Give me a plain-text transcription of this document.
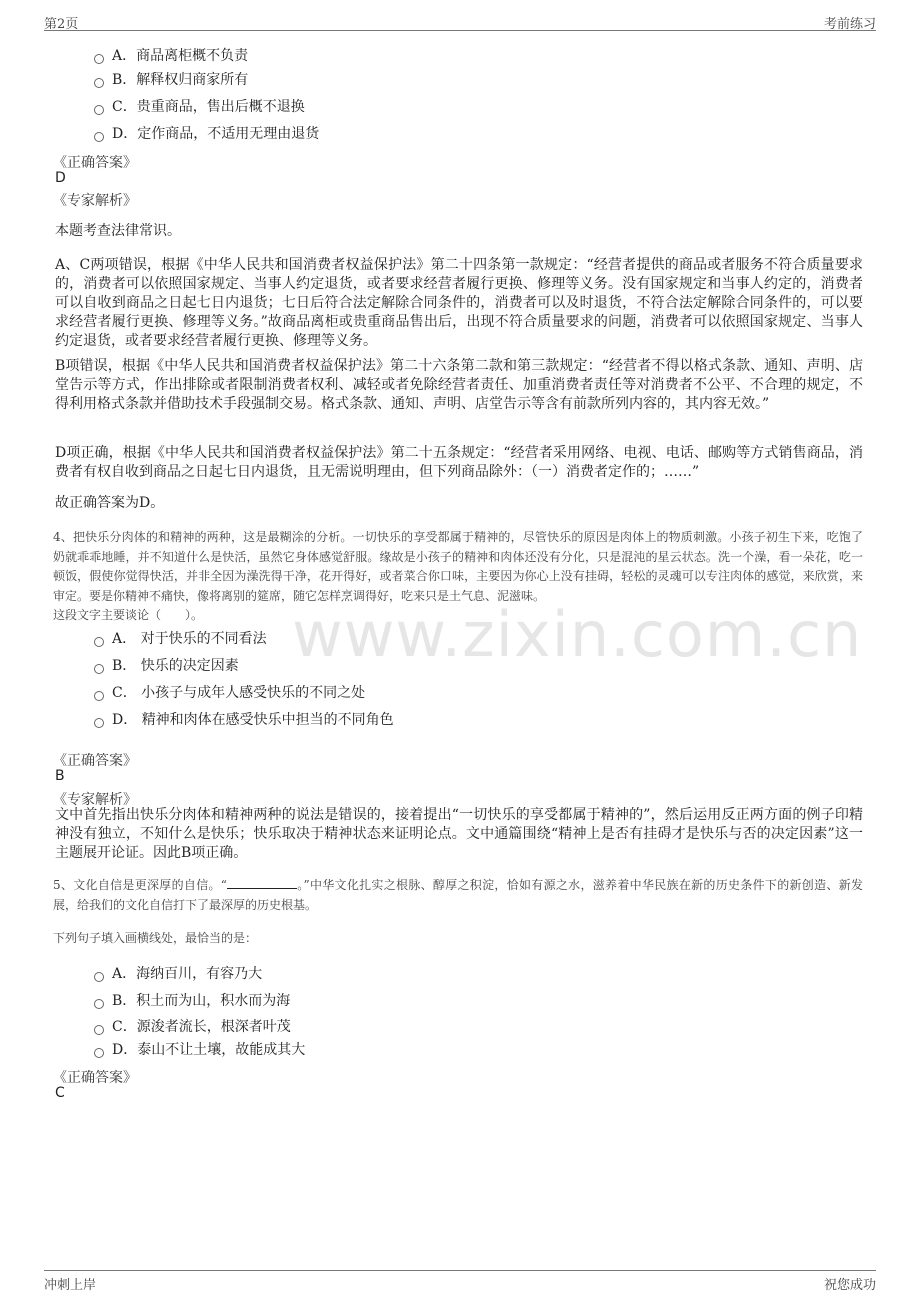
第2页	考前练习
www.zixin.com.cn
A．商品离柜概不负责
B．解释权归商家所有
C．贵重商品，售出后概不退换
D．定作商品，不适用无理由退货
《正确答案》
D
《专家解析》
本题考查法律常识。
A、C两项错误，根据《中华人民共和国消费者权益保护法》第二十四条第一款规定：“经营者提供的商品或者服务不符合质量要求的，消费者可以依照国家规定、当事人约定退货，或者要求经营者履行更换、修理等义务。没有国家规定和当事人约定的，消费者可以自收到商品之日起七日内退货；七日后符合法定解除合同条件的，消费者可以及时退货，不符合法定解除合同条件的，可以要求经营者履行更换、修理等义务。”故商品离柜或贵重商品售出后，出现不符合质量要求的问题，消费者可以依照国家规定、当事人约定退货，或者要求经营者履行更换、修理等义务。
B项错误，根据《中华人民共和国消费者权益保护法》第二十六条第二款和第三款规定：“经营者不得以格式条款、通知、声明、店堂告示等方式，作出排除或者限制消费者权利、减轻或者免除经营者责任、加重消费者责任等对消费者不公平、不合理的规定，不得利用格式条款并借助技术手段强制交易。格式条款、通知、声明、店堂告示等含有前款所列内容的，其内容无效。”
D项正确，根据《中华人民共和国消费者权益保护法》第二十五条规定：“经营者采用网络、电视、电话、邮购等方式销售商品，消费者有权自收到商品之日起七日内退货，且无需说明理由，但下列商品除外：（一）消费者定作的；……”
故正确答案为D。
4、把快乐分肉体的和精神的两种，这是最糊涂的分析。一切快乐的享受都属于精神的，尽管快乐的原因是肉体上的物质刺激。小孩子初生下来，吃饱了奶就乖乖地睡，并不知道什么是快活，虽然它身体感觉舒服。缘故是小孩子的精神和肉体还没有分化，只是混沌的星云状态。洗一个澡，看一朵花，吃一顿饭，假使你觉得快活，并非全因为澡洗得干净，花开得好，或者菜合你口味，主要因为你心上没有挂碍，轻松的灵魂可以专注肉体的感觉，来欣赏，来审定。要是你精神不痛快，像将离别的筵席，随它怎样烹调得好，吃来只是土气息、泥滋味。
这段文字主要谈论（　　）。
A． 对于快乐的不同看法
B． 快乐的决定因素
C． 小孩子与成年人感受快乐的不同之处
D． 精神和肉体在感受快乐中担当的不同角色
《正确答案》
B
《专家解析》
文中首先指出快乐分肉体和精神两种的说法是错误的，接着提出“一切快乐的享受都属于精神的”，然后运用反正两方面的例子印精神没有独立，不知什么是快乐；快乐取决于精神状态来证明论点。文中通篇围绕“精神上是否有挂碍才是快乐与否的决定因素”这一主题展开论证。因此B项正确。
5、文化自信是更深厚的自信。“	。”中华文化扎实之根脉、醇厚之积淀，恰如有源之水，滋养着中华民族在新的历史条件下的新创造、新发展，给我们的文化自信打下了最深厚的历史根基。
下列句子填入画横线处，最恰当的是：
A．海纳百川，有容乃大
B．积土而为山，积水而为海
C．源浚者流长，根深者叶茂
D．泰山不让土壤，故能成其大
《正确答案》
C
冲刺上岸	祝您成功
